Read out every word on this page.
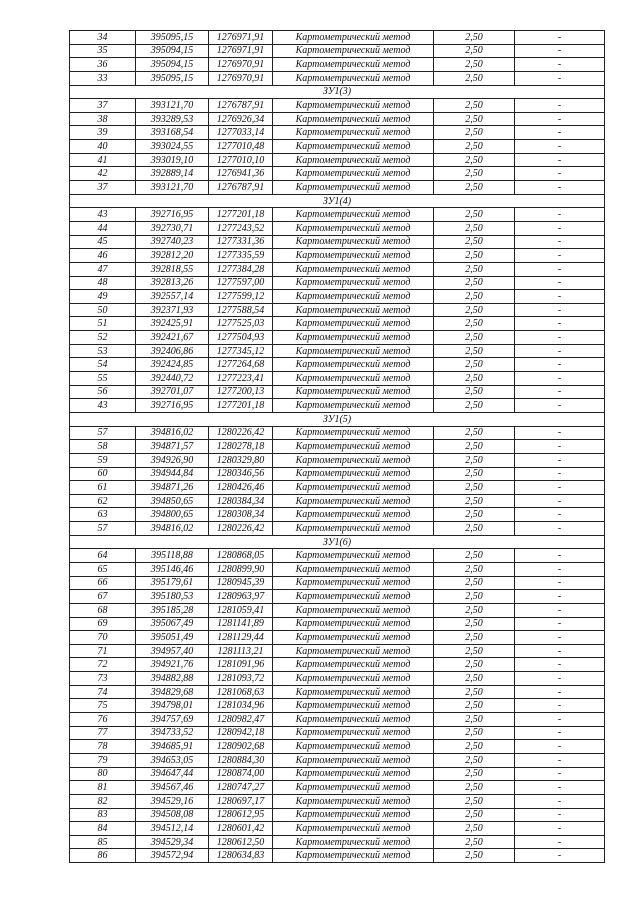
34	395095,15	1276971,91	Картометрический метод	2,50	-
35	395094,15	1276971,91	Картометрический метод	2,50	-
36	395094,15	1276970,91	Картометрический метод	2,50	-
33	395095,15	1276970,91	Картометрический метод	2,50	-
ЗУ1(3)					
37	393121,70	1276787,91	Картометрический метод	2,50	-
38	393289,53	1276926,34	Картометрический метод	2,50	-
39	393168,54	1277033,14	Картометрический метод	2,50	-
40	393024,55	1277010,48	Картометрический метод	2,50	-
41	393019,10	1277010,10	Картометрический метод	2,50	-
42	392889,14	1276941,36	Картометрический метод	2,50	-
37	393121,70	1276787,91	Картометрический метод	2,50	-
ЗУ1(4)					
43	392716,95	1277201,18	Картометрический метод	2,50	-
44	392730,71	1277243,52	Картометрический метод	2,50	-
45	392740,23	1277331,36	Картометрический метод	2,50	-
46	392812,20	1277335,59	Картометрический метод	2,50	-
47	392818,55	1277384,28	Картометрический метод	2,50	-
48	392813,26	1277597,00	Картометрический метод	2,50	-
49	392557,14	1277599,12	Картометрический метод	2,50	-
50	392371,93	1277588,54	Картометрический метод	2,50	-
51	392425,91	1277525,03	Картометрический метод	2,50	-
52	392421,67	1277504,93	Картометрический метод	2,50	-
53	392406,86	1277345,12	Картометрический метод	2,50	-
54	392424,85	1277264,68	Картометрический метод	2,50	-
55	392440,72	1277223,41	Картометрический метод	2,50	-
56	392701,07	1277200,13	Картометрический метод	2,50	-
43	392716,95	1277201,18	Картометрический метод	2,50	-
ЗУ1(5)					
57	394816,02	1280226,42	Картометрический метод	2,50	-
58	394871,57	1280278,18	Картометрический метод	2,50	-
59	394926,90	1280329,80	Картометрический метод	2,50	-
60	394944,84	1280346,56	Картометрический метод	2,50	-
61	394871,26	1280426,46	Картометрический метод	2,50	-
62	394850,65	1280384,34	Картометрический метод	2,50	-
63	394800,65	1280308,34	Картометрический метод	2,50	-
57	394816,02	1280226,42	Картометрический метод	2,50	-
ЗУ1(6)					
64	395118,88	1280868,05	Картометрический метод	2,50	-
65	395146,46	1280899,90	Картометрический метод	2,50	-
66	395179,61	1280945,39	Картометрический метод	2,50	-
67	395180,53	1280963,97	Картометрический метод	2,50	-
68	395185,28	1281059,41	Картометрический метод	2,50	-
69	395067,49	1281141,89	Картометрический метод	2,50	-
70	395051,49	1281129,44	Картометрический метод	2,50	-
71	394957,40	1281113,21	Картометрический метод	2,50	-
72	394921,76	1281091,96	Картометрический метод	2,50	-
73	394882,88	1281093,72	Картометрический метод	2,50	-
74	394829,68	1281068,63	Картометрический метод	2,50	-
75	394798,01	1281034,96	Картометрический метод	2,50	-
76	394757,69	1280982,47	Картометрический метод	2,50	-
77	394733,52	1280942,18	Картометрический метод	2,50	-
78	394685,91	1280902,68	Картометрический метод	2,50	-
79	394653,05	1280884,30	Картометрический метод	2,50	-
80	394647,44	1280874,00	Картометрический метод	2,50	-
81	394567,46	1280747,27	Картометрический метод	2,50	-
82	394529,16	1280697,17	Картометрический метод	2,50	-
83	394508,08	1280612,95	Картометрический метод	2,50	-
84	394512,14	1280601,42	Картометрический метод	2,50	-
85	394529,34	1280612,50	Картометрический метод	2,50	-
86	394572,94	1280634,83	Картометрический метод	2,50	-
